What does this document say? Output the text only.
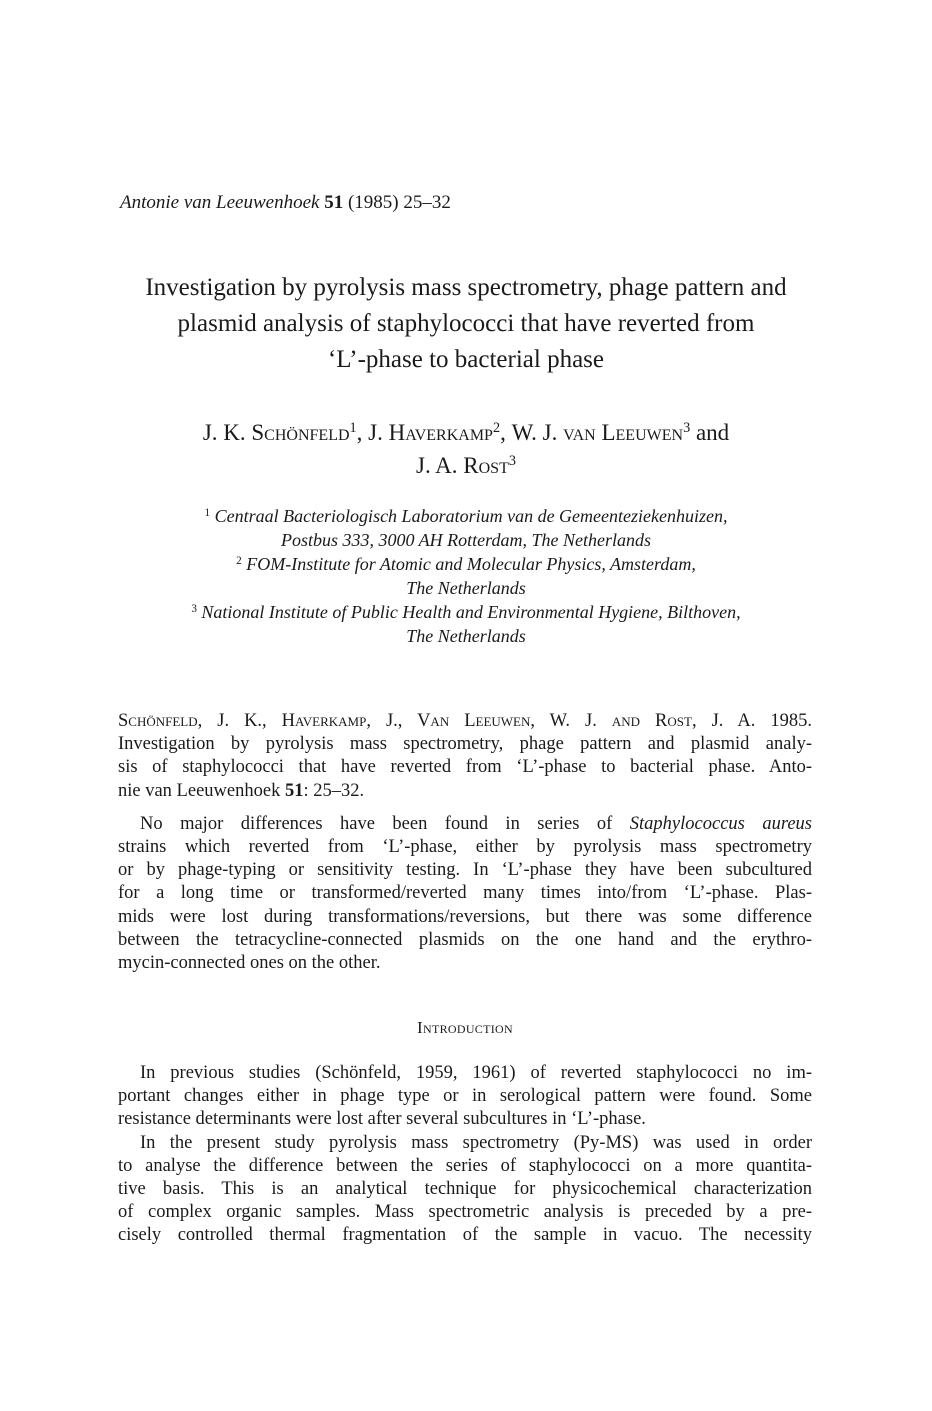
Antonie van Leeuwenhoek 51 (1985) 25–32
Investigation by pyrolysis mass spectrometry, phage pattern and
plasmid analysis of staphylococci that have reverted from
‘L’-phase to bacterial phase
J. K. Schönfeld$^1$, J. Haverkamp$^2$, W. J. van Leeuwen$^3$ and
J. A. Rost$^3$
$^1$ Centraal Bacteriologisch Laboratorium van de Gemeenteziekenhuizen,
Postbus 333, 3000 AH Rotterdam, The Netherlands
$^2$ FOM-Institute for Atomic and Molecular Physics, Amsterdam,
The Netherlands
$^3$ National Institute of Public Health and Environmental Hygiene, Bilthoven,
The Netherlands
Schönfeld, J. K., Haverkamp, J., Van Leeuwen, W. J. and Rost, J. A. 1985.
Investigation by pyrolysis mass spectrometry, phage pattern and plasmid analy-
sis of staphylococci that have reverted from ‘L’-phase to bacterial phase. Anto-
nie van Leeuwenhoek 51: 25–32.
No major differences have been found in series of Staphylococcus aureus
strains which reverted from ‘L’-phase, either by pyrolysis mass spectrometry
or by phage-typing or sensitivity testing. In ‘L’-phase they have been subcultured
for a long time or transformed/reverted many times into/from ‘L’-phase. Plas-
mids were lost during transformations/reversions, but there was some difference
between the tetracycline-connected plasmids on the one hand and the erythro-
mycin-connected ones on the other.
Introduction
In previous studies (Schönfeld, 1959, 1961) of reverted staphylococci no im-
portant changes either in phage type or in serological pattern were found. Some
resistance determinants were lost after several subcultures in ‘L’-phase.
In the present study pyrolysis mass spectrometry (Py-MS) was used in order
to analyse the difference between the series of staphylococci on a more quantita-
tive basis. This is an analytical technique for physicochemical characterization
of complex organic samples. Mass spectrometric analysis is preceded by a pre-
cisely controlled thermal fragmentation of the sample in vacuo. The necessity
